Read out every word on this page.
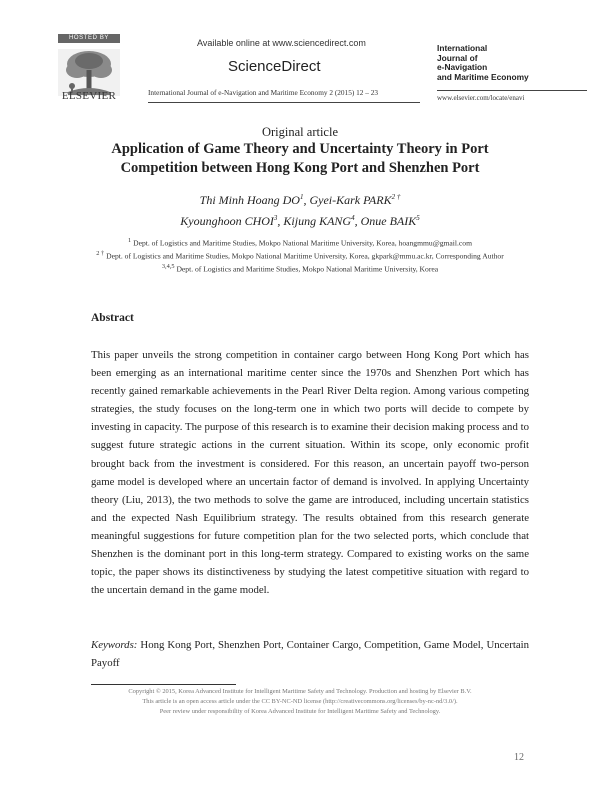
HOSTED BY
ELSEVIER
Available online at www.sciencedirect.com
ScienceDirect
International Journal of e-Navigation and Maritime Economy 2 (2015) 12 – 23
International
Journal of
e-Navigation
and Maritime Economy
www.elsevier.com/locate/enavi
Original article
Application of Game Theory and Uncertainty Theory in Port
Competition between Hong Kong Port and Shenzhen Port
Thi Minh Hoang $DO^1$, Gyei-Kark $PARK^{2 \dagger}$
Kyounghoon CHOI$^3$, Kijung KANG$^4$, Onue BAIK$^5$
$^1$ Dept. of Logistics and Maritime Studies, Mokpo National Maritime University, Korea, hoangmmu@gmail.com
$^{2 \dagger}$ Dept. of Logistics and Maritime Studies, Mokpo National Maritime University, Korea, gkpark@mmu.ac.kr, Corresponding Author
$^{3,4,5}$ Dept. of Logistics and Maritime Studies, Mokpo National Maritime University, Korea
Abstract
This paper unveils the strong competition in container cargo between Hong Kong Port which has been emerging as an international maritime center since the 1970s and Shenzhen Port which has recently gained remarkable achievements in the Pearl River Delta region. Among various competing strategies, the study focuses on the long-term one in which two ports will decide to compete by investing in capacity. The purpose of this research is to examine their decision making process and to suggest future strategic actions in the current situation. Within its scope, only economic profit brought back from the investment is considered. For this reason, an uncertain payoff two-person game model is developed where an uncertain factor of demand is involved. In applying Uncertainty theory (Liu, 2013), the two methods to solve the game are introduced, including uncertain statistics and the expected Nash Equilibrium strategy. The results obtained from this research generate meaningful suggestions for future competition plan for the two selected ports, which conclude that Shenzhen is the dominant port in this long-term strategy. Compared to existing works on the same topic, the paper shows its distinctiveness by studying the latest competitive situation with regard to the uncertain demand in the game model.
Keywords: Hong Kong Port, Shenzhen Port, Container Cargo, Competition, Game Model, Uncertain Payoff
Copyright © 2015, Korea Advanced Institute for Intelligent Maritime Safety and Technology. Production and hosting by Elsevier B.V.
This article is an open access article under the CC BY-NC-ND license (http://creativecommons.org/licenses/by-nc-nd/3.0/).
Peer review under responsibility of Korea Advanced Institute for Intelligent Maritime Safety and Technology.
12
